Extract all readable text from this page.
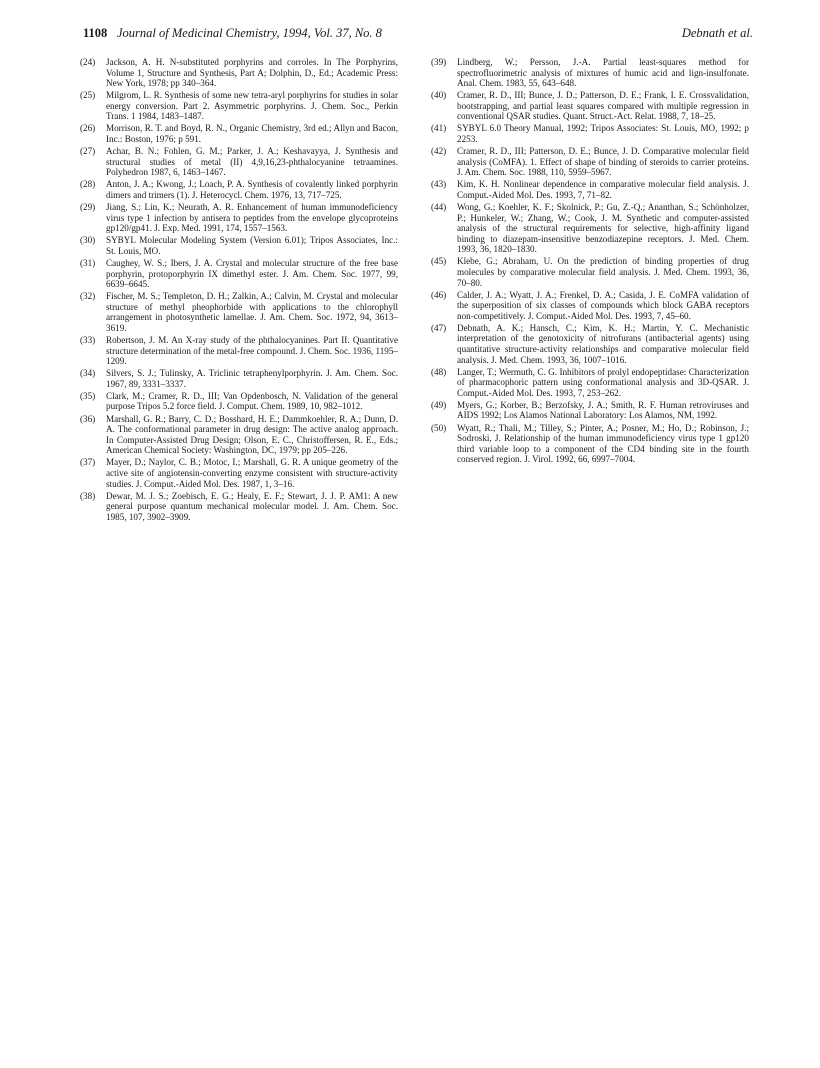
1108 Journal of Medicinal Chemistry, 1994, Vol. 37, No. 8	Debnath et al.
(24) Jackson, A. H. N-substituted porphyrins and corroles. In The Porphyrins, Volume 1, Structure and Synthesis, Part A; Dolphin, D., Ed.; Academic Press: New York, 1978; pp 340–364.
(25) Milgrom, L. R. Synthesis of some new tetra-aryl porphyrins for studies in solar energy conversion. Part 2. Asymmetric porphyrins. J. Chem. Soc., Perkin Trans. 1 1984, 1483–1487.
(26) Morrison, R. T. and Boyd, R. N., Organic Chemistry, 3rd ed.; Allyn and Bacon, Inc.: Boston, 1976; p 591.
(27) Achar, B. N.; Fohlen, G. M.; Parker, J. A.; Keshavayya, J. Synthesis and structural studies of metal (II) 4,9,16,23-phthalocyanine tetraamines. Polyhedron 1987, 6, 1463–1467.
(28) Anton, J. A.; Kwong, J.; Loach, P. A. Synthesis of covalently linked porphyrin dimers and trimers (1). J. Heterocycl. Chem. 1976, 13, 717–725.
(29) Jiang, S.; Lin, K.; Neurath, A. R. Enhancement of human immunodeficiency virus type 1 infection by antisera to peptides from the envelope glycoproteins gp120/gp41. J. Exp. Med. 1991, 174, 1557–1563.
(30) SYBYL Molecular Modeling System (Version 6.01); Tripos Associates, Inc.: St. Louis, MO.
(31) Caughey, W. S.; Ibers, J. A. Crystal and molecular structure of the free base porphyrin, protoporphyrin IX dimethyl ester. J. Am. Chem. Soc. 1977, 99, 6639–6645.
(32) Fischer, M. S.; Templeton, D. H.; Zalkin, A.; Calvin, M. Crystal and molecular structure of methyl pheophorbide with applications to the chlorophyll arrangement in photosynthetic lamellae. J. Am. Chem. Soc. 1972, 94, 3613–3619.
(33) Robertson, J. M. An X-ray study of the phthalocyanines. Part II. Quantitative structure determination of the metal-free compound. J. Chem. Soc. 1936, 1195–1209.
(34) Silvers, S. J.; Tulinsky, A. Triclinic tetraphenylporphyrin. J. Am. Chem. Soc. 1967, 89, 3331–3337.
(35) Clark, M.; Cramer, R. D., III; Van Opdenbosch, N. Validation of the general purpose Tripos 5.2 force field. J. Comput. Chem. 1989, 10, 982–1012.
(36) Marshall, G. R.; Barry, C. D.; Bosshard, H. E.; Dammkoehler, R. A.; Dunn, D. A. The conformational parameter in drug design: The active analog approach. In Computer-Assisted Drug Design; Olson, E. C., Christoffersen, R. E., Eds.; American Chemical Society: Washington, DC, 1979; pp 205–226.
(37) Mayer, D.; Naylor, C. B.; Motoc, I.; Marshall, G. R. A unique geometry of the active site of angiotensin-converting enzyme consistent with structure-activity studies. J. Comput.-Aided Mol. Des. 1987, 1, 3–16.
(38) Dewar, M. J. S.; Zoebisch, E. G.; Healy, E. F.; Stewart, J. J. P. AM1: A new general purpose quantum mechanical molecular model. J. Am. Chem. Soc. 1985, 107, 3902–3909.
(39) Lindberg, W.; Persson, J.-A. Partial least-squares method for spectrofluorimetric analysis of mixtures of humic acid and lign-insulfonate. Anal. Chem. 1983, 55, 643–648.
(40) Cramer, R. D., III; Bunce, J. D.; Patterson, D. E.; Frank, I. E. Crossvalidation, bootstrapping, and partial least squares compared with multiple regression in conventional QSAR studies. Quant. Struct.-Act. Relat. 1988, 7, 18–25.
(41) SYBYL 6.0 Theory Manual, 1992; Tripos Associates: St. Louis, MO, 1992; p 2253.
(42) Cramer, R. D., III; Patterson, D. E.; Bunce, J. D. Comparative molecular field analysis (CoMFA). 1. Effect of shape of binding of steroids to carrier proteins. J. Am. Chem. Soc. 1988, 110, 5959–5967.
(43) Kim, K. H. Nonlinear dependence in comparative molecular field analysis. J. Comput.-Aided Mol. Des. 1993, 7, 71–82.
(44) Wong, G.; Koehler, K. F.; Skolnick, P.; Gu, Z.-Q.; Ananthan, S.; Schönholzer, P.; Hunkeler, W.; Zhang, W.; Cook, J. M. Synthetic and computer-assisted analysis of the structural requirements for selective, high-affinity ligand binding to diazepam-insensitive benzodiazepine receptors. J. Med. Chem. 1993, 36, 1820–1830.
(45) Klebe, G.; Abraham, U. On the prediction of binding properties of drug molecules by comparative molecular field analysis. J. Med. Chem. 1993, 36, 70–80.
(46) Calder, J. A.; Wyatt, J. A.; Frenkel, D. A.; Casida, J. E. CoMFA validation of the superposition of six classes of compounds which block GABA receptors non-competitively. J. Comput.-Aided Mol. Des. 1993, 7, 45–60.
(47) Debnath, A. K.; Hansch, C.; Kim, K. H.; Martin, Y. C. Mechanistic interpretation of the genotoxicity of nitrofurans (antibacterial agents) using quantitative structure-activity relationships and comparative molecular field analysis. J. Med. Chem. 1993, 36, 1007–1016.
(48) Langer, T.; Wermuth, C. G. Inhibitors of prolyl endopeptidase: Characterization of pharmacophoric pattern using conformational analysis and 3D-QSAR. J. Comput.-Aided Mol. Des. 1993, 7, 253–262.
(49) Myers, G.; Korber, B.; Berzofsky, J. A.; Smith, R. F. Human retroviruses and AIDS 1992; Los Alamos National Laboratory: Los Alamos, NM, 1992.
(50) Wyatt, R.; Thali, M.; Tilley, S.; Pinter, A.; Posner, M.; Ho, D.; Robinson, J.; Sodroski, J. Relationship of the human immunodeficiency virus type 1 gp120 third variable loop to a component of the CD4 binding site in the fourth conserved region. J. Virol. 1992, 66, 6997–7004.
